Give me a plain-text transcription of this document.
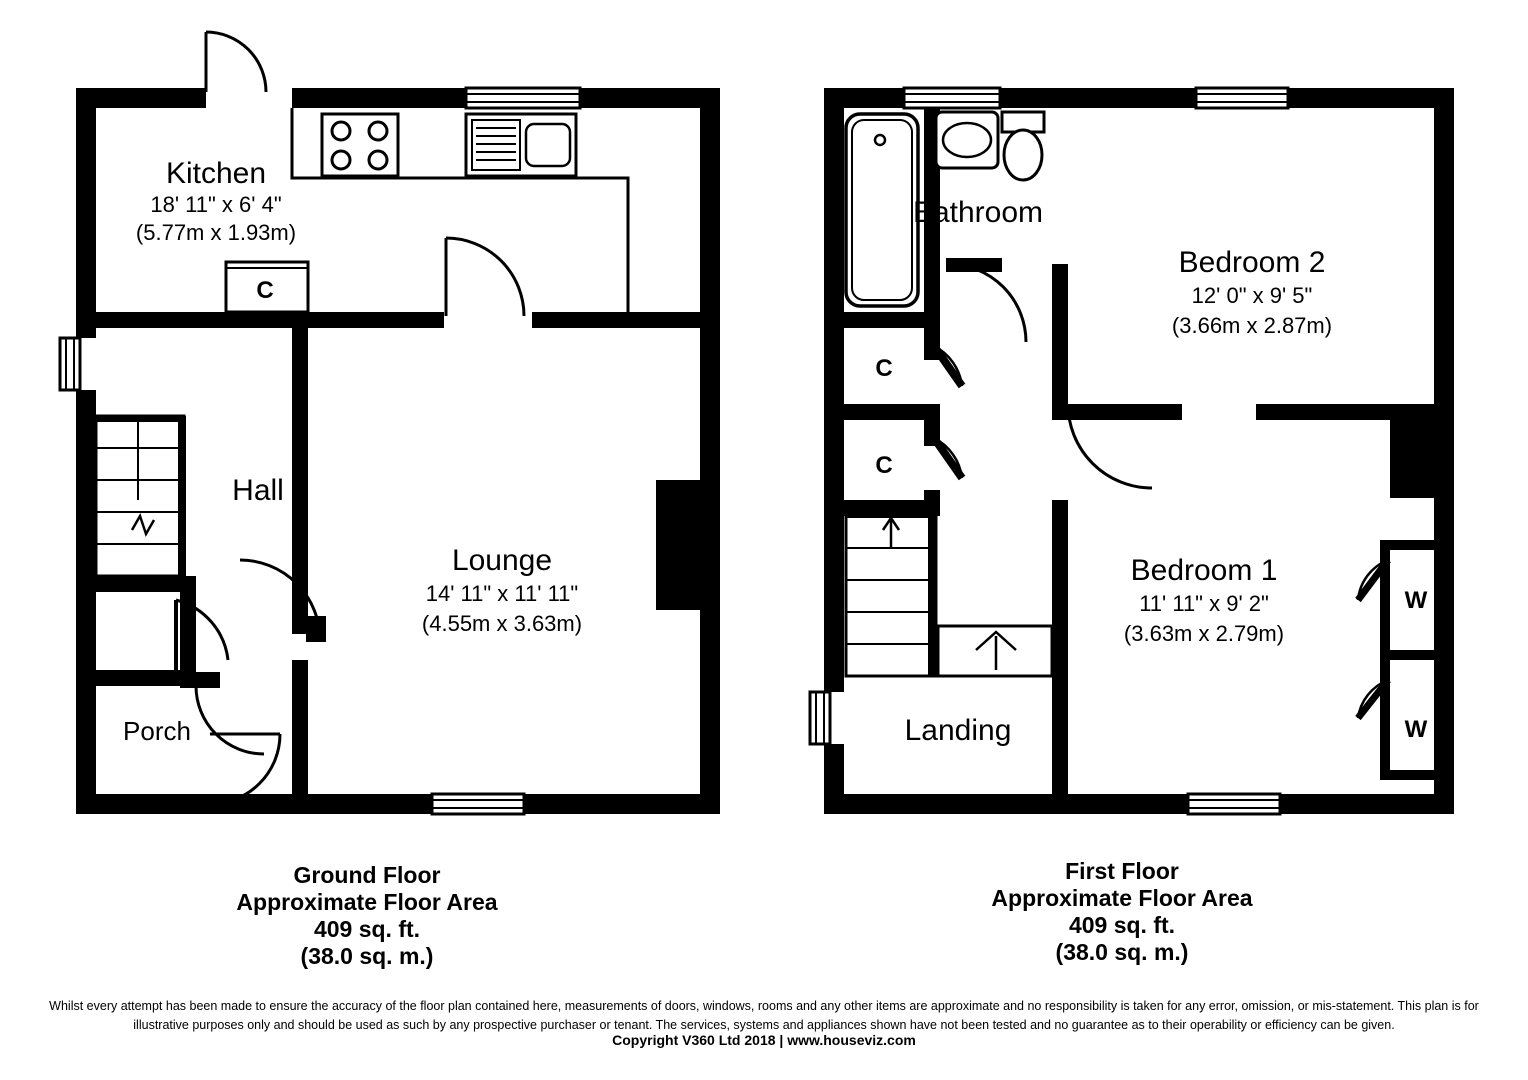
Kitchen
18' 11" x 6' 4"
(5.77m x 1.93m)
Hall
Lounge
14' 11" x 11' 11"
(4.55m x 3.63m)
Porch
C
Ground Floor
Approximate Floor Area
409 sq. ft.
(38.0 sq. m.)
Bathroom
Bedroom 2
12' 0" x 9' 5"
(3.66m x 2.87m)
Bedroom 1
11' 11" x 9' 2"
(3.63m x 2.79m)
Landing
C
C
W
W
First Floor
Approximate Floor Area
409 sq. ft.
(38.0 sq. m.)
Whilst every attempt has been made to ensure the accuracy of the floor plan contained here, measurements of doors, windows, rooms and any other items are approximate and no responsibility is taken for any error, omission, or mis-statement. This plan is for
illustrative purposes only and should be used as such by any prospective purchaser or tenant. The services, systems and appliances shown have not been tested and no guarantee as to their operability or efficiency can be given.
Copyright V360 Ltd 2018 | www.houseviz.com
